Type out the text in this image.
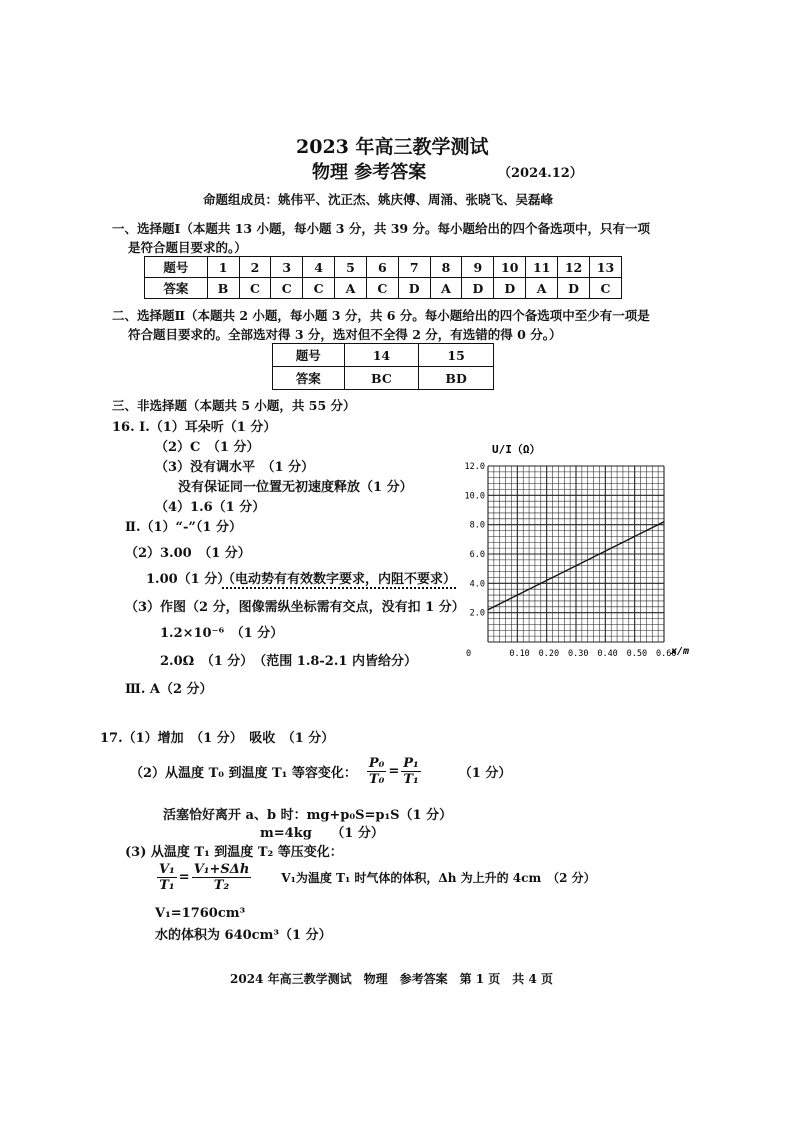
2023 年高三教学测试
物理 参考答案	（2024.12）
命题组成员：姚伟平、沈正杰、姚庆傅、周涌、张晓飞、吴磊峰
一、选择题Ⅰ（本题共 13 小题，每小题 3 分，共 39 分。每小题给出的四个备选项中，只有一项
是符合题目要求的。）
题号	1	2	3	4	5	6	7	8	9	10	11	12	13
答案	B	C	C	C	A	C	D	A	D	D	A	D	C
二、选择题Ⅱ（本题共 2 小题，每小题 3 分，共 6 分。每小题给出的四个备选项中至少有一项是
符合题目要求的。全部选对得 3 分，选对但不全得 2 分，有选错的得 0 分。）
题号	14	15
答案	BC	BD
三、非选择题（本题共 5 小题，共 55 分）
16. Ⅰ.（1）耳朵听（1 分）
（2）C　（1 分）
（3）没有调水平　（1 分）
没有保证同一位置无初速度释放（1 分）
（4）1.6（1 分）
Ⅱ.（1）“-”（1 分）
（2）3.00　（1 分）
1.00（1 分）
（电动势有有效数字要求，内阻不要求）
（3）作图（2 分，图像需纵坐标需有交点，没有扣 1 分）
1.2×10⁻⁶　（1 分）
2.0Ω　（1 分）　（范围 1.8-2.1 内皆给分）
Ⅲ. A（2 分）
U/I（Ω）
x/m
0	0.10 0.20 0.30 0.40 0.50 0.60
2.0
4.0
6.0
8.0
10.0
12.0
17.（1）增加　（1 分）　吸收　（1 分）
（2）从温度 T₀ 到温度 T₁ 等容变化： $\frac{\text{P₀}}{\text{T₀}} = \frac{\text{P₁}}{\text{T₁}}$	（1 分）
活塞恰好离开 a、b 时：mg+p₀S=p₁S（1 分）
m=4kg　　（1 分）
(3) 从温度 T₁ 到温度 T₂ 等压变化：
$\frac{\text{V₁}}{\text{T₁}} = \frac{\text{V₁+SΔh}}{\text{T₂}}$	V₁为温度 T₁ 时气体的体积，Δh 为上升的 4cm　（2 分）
V₁=1760cm³
水的体积为 640cm³（1 分）
2024 年高三教学测试　物理　参考答案　第 1 页　共 4 页
